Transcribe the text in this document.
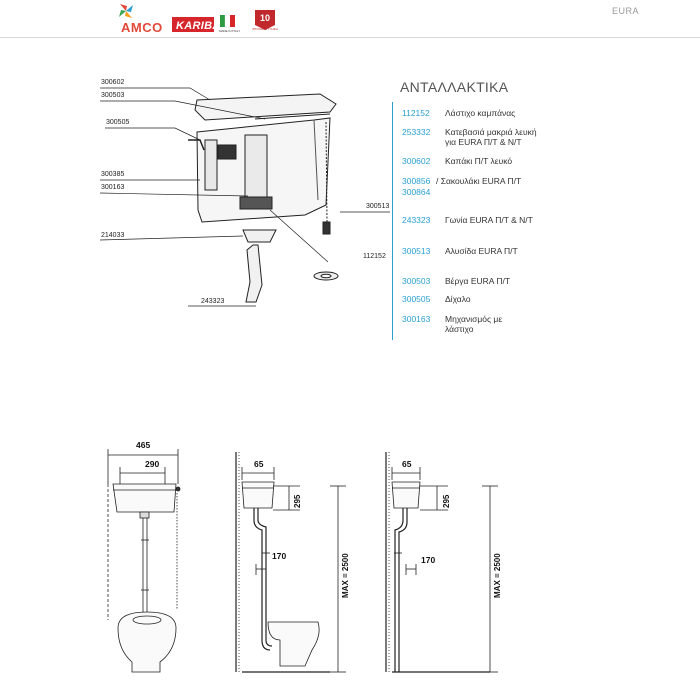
AMCO KARIBA
MADE IN ITALY
10
ΧΡΟΝΙΑ ΕΓΓΥΗΣΗ
EURA
ΑΝΤΑΛΛΑΚΤΙΚΑ
112152 Λάστιχο καμπάνας
253332 Κατεβασιά μακριά λευκή
για EURA Π/Τ & Ν/Τ
300602 Καπάκι Π/Τ λευκό
300856 / Σακουλάκι EURA Π/Τ
300864
243323 Γωνία EURA Π/Τ & Ν/Τ
300513 Αλυσίδα EURA Π/Τ
300503 Βέργα EURA Π/Τ
300505 Δίχαλο
300163 Μηχανισμός με
λάστιχο
300602
300503
300505
300385
300163
214033
300513
112152
243323
465
290	65
295
170	MAX = 2500
65
295
170	MAX = 2500
